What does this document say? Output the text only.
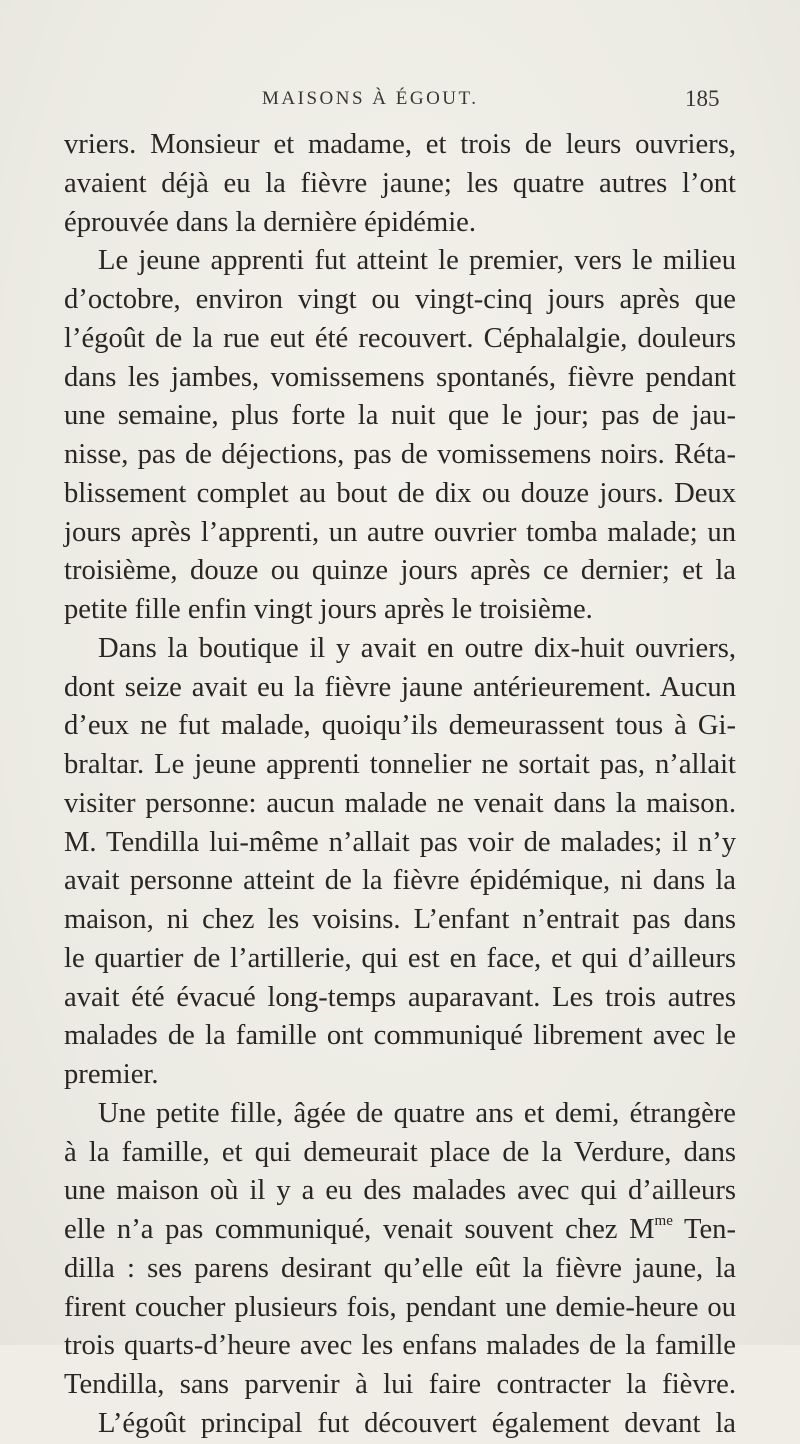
MAISONS À ÉGOUT.	185
vriers. Monsieur et madame, et trois de leurs ouvriers,
avaient déjà eu la fièvre jaune; les quatre autres l’ont
éprouvée dans la dernière épidémie.
Le jeune apprenti fut atteint le premier, vers le milieu
d’octobre, environ vingt ou vingt-cinq jours après que
l’égoût de la rue eut été recouvert. Céphalalgie, douleurs
dans les jambes, vomissemens spontanés, fièvre pendant
une semaine, plus forte la nuit que le jour; pas de jau-
nisse, pas de déjections, pas de vomissemens noirs. Réta-
blissement complet au bout de dix ou douze jours. Deux
jours après l’apprenti, un autre ouvrier tomba malade; un
troisième, douze ou quinze jours après ce dernier; et la
petite fille enfin vingt jours après le troisième.
Dans la boutique il y avait en outre dix-huit ouvriers,
dont seize avait eu la fièvre jaune antérieurement. Aucun
d’eux ne fut malade, quoiqu’ils demeurassent tous à Gi-
braltar. Le jeune apprenti tonnelier ne sortait pas, n’allait
visiter personne: aucun malade ne venait dans la maison.
M. Tendilla lui-même n’allait pas voir de malades; il n’y
avait personne atteint de la fièvre épidémique, ni dans la
maison, ni chez les voisins. L’enfant n’entrait pas dans
le quartier de l’artillerie, qui est en face, et qui d’ailleurs
avait été évacué long-temps auparavant. Les trois autres
malades de la famille ont communiqué librement avec le
premier.
Une petite fille, âgée de quatre ans et demi, étrangère
à la famille, et qui demeurait place de la Verdure, dans
une maison où il y a eu des malades avec qui d’ailleurs
elle n’a pas communiqué, venait souvent chez $M^{me}$ Ten-
dilla : ses parens desirant qu’elle eût la fièvre jaune, la
firent coucher plusieurs fois, pendant une demie-heure ou
trois quarts-d’heure avec les enfans malades de la famille
Tendilla, sans parvenir à lui faire contracter la fièvre.
L’égoût principal fut découvert également devant la
